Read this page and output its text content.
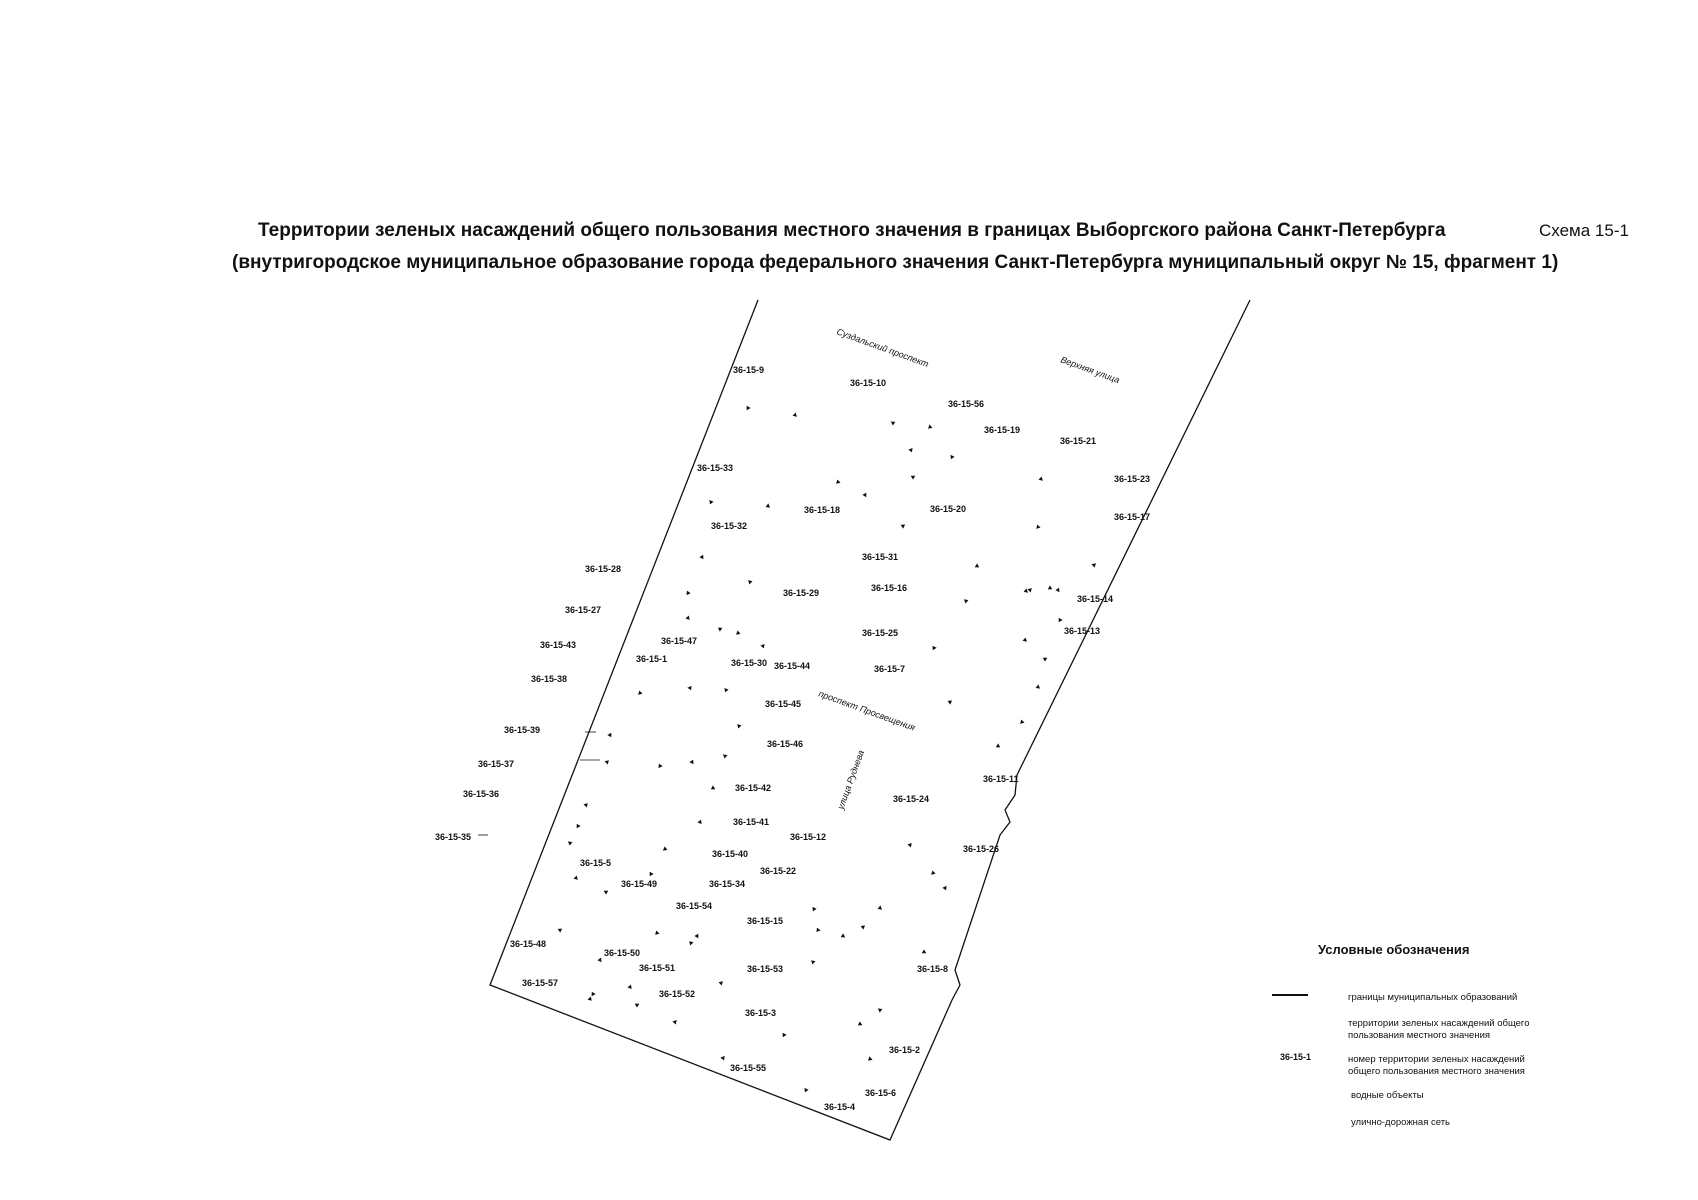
Территории зеленых насаждений общего пользования местного значения в границах Выборгского района Санкт-Петербурга
(внутригородское муниципальное образование города федерального значения Санкт-Петербурга муниципальный округ № 15, фрагмент 1)
Схема 15-1
Суздальский проспект
Верхняя улица
проспект Просвещения
улица Руднева
36-15-9
36-15-10
36-15-56
36-15-19
36-15-21
36-15-23
36-15-17
36-15-33
36-15-18	36-15-20
36-15-32
36-15-31
36-15-28
36-15-29	36-15-16
36-15-14
36-15-27
36-15-25	36-15-13
36-15-43	36-15-47
36-15-1	36-15-30 36-15-44	36-15-7
36-15-38
36-15-45
36-15-39
36-15-46
36-15-37
36-15-11
36-15-36
36-15-42
36-15-24
36-15-41
36-15-35	36-15-12
36-15-26
36-15-40
36-15-5
36-15-22
36-15-49	36-15-34
36-15-54
36-15-15
36-15-48
36-15-50
36-15-51	36-15-53	36-15-8
36-15-57
36-15-52
36-15-3
36-15-2
36-15-55
36-15-6
36-15-4
Условные обозначения
границы муниципальных образований
территории зеленых насаждений общего
пользования местного значения
36-15-1	номер территории зеленых насаждений
общего пользования местного значения
водные объекты
улично-дорожная сеть
